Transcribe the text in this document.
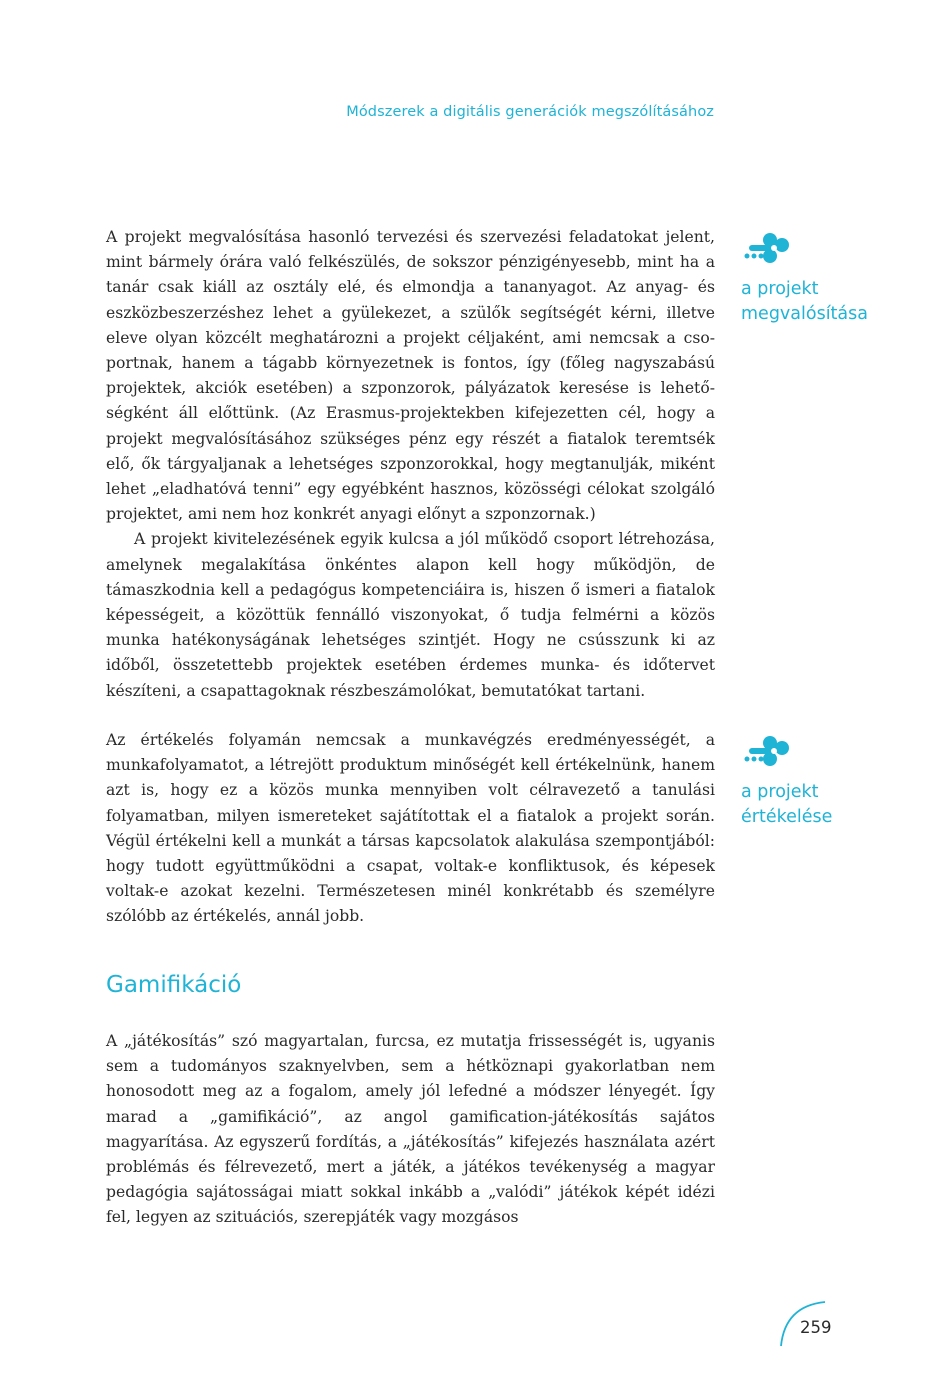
Módszerek a digitális generációk megszólításához

A projekt megvalósítása hasonló tervezési és szervezési feladatokat jelent, mint bármely órára való felkészülés, de sokszor pénzigényesebb, mint ha a tanár csak kiáll az osztály elé, és elmondja a tananyagot. Az anyag- és eszközbeszerzéshez lehet a gyülekezet, a szülők segítségét kérni, illetve eleve olyan közcélt meghatározni a projekt céljaként, ami nemcsak a csoportnak, hanem a tágabb környezetnek is fontos, így (főleg nagyszabású projektek, akciók esetében) a szponzorok, pályázatok keresése is lehetőségként áll előttünk. (Az Erasmus-projektekben kifejezetten cél, hogy a projekt megvalósításához szükséges pénz egy részét a fiatalok teremtsék elő, ők tárgyaljanak a lehetséges szponzorokkal, hogy megtanulják, miként lehet „eladhatóvá tenni” egy egyébként hasznos, közösségi célokat szolgáló projektet, ami nem hoz konkrét anyagi előnyt a szponzornak.)

A projekt kivitelezésének egyik kulcsa a jól működő csoport létrehozása, amelynek megalakítása önkéntes alapon kell hogy működjön, de támaszkodnia kell a pedagógus kompetenciáira is, hiszen ő ismeri a fiatalok képességeit, a közöttük fennálló viszonyokat, ő tudja felmérni a közös munka hatékonyságának lehetséges szintjét. Hogy ne csússzunk ki az időből, összetettebb projektek esetében érdemes munka- és időtervet készíteni, a csapattagoknak részbeszámolókat, bemutatókat tartani.

Az értékelés folyamán nemcsak a munkavégzés eredményességét, a munkafolyamatot, a létrejött produktum minőségét kell értékelnünk, hanem azt is, hogy ez a közös munka mennyiben volt célravezető a tanulási folyamatban, milyen ismereteket sajátítottak el a fiatalok a projekt során. Végül értékelni kell a munkát a társas kapcsolatok alakulása szempontjából: hogy tudott együttműködni a csapat, voltak-e konfliktusok, és képesek voltak-e azokat kezelni. Természetesen minél konkrétabb és személyre szólóbb az értékelés, annál jobb.

Gamifikáció

A „játékosítás” szó magyartalan, furcsa, ez mutatja frissességét is, ugyanis sem a tudományos szaknyelvben, sem a hétköznapi gyakorlatban nem honosodott meg az a fogalom, amely jól lefedné a módszer lényegét. Így marad a „gamifikáció”, az angol gamification-játékosítás sajátos magyarítása. Az egyszerű fordítás, a „játékosítás” kifejezés használata azért problémás és félrevezető, mert a játék, a játékos tevékenység a magyar pedagógia sajátosságai miatt sokkal inkább a „valódi” játékok képét idézi fel, legyen az szituációs, szerepjáték vagy mozgásos

a projekt
megvalósítása
a projekt
értékelése
259
